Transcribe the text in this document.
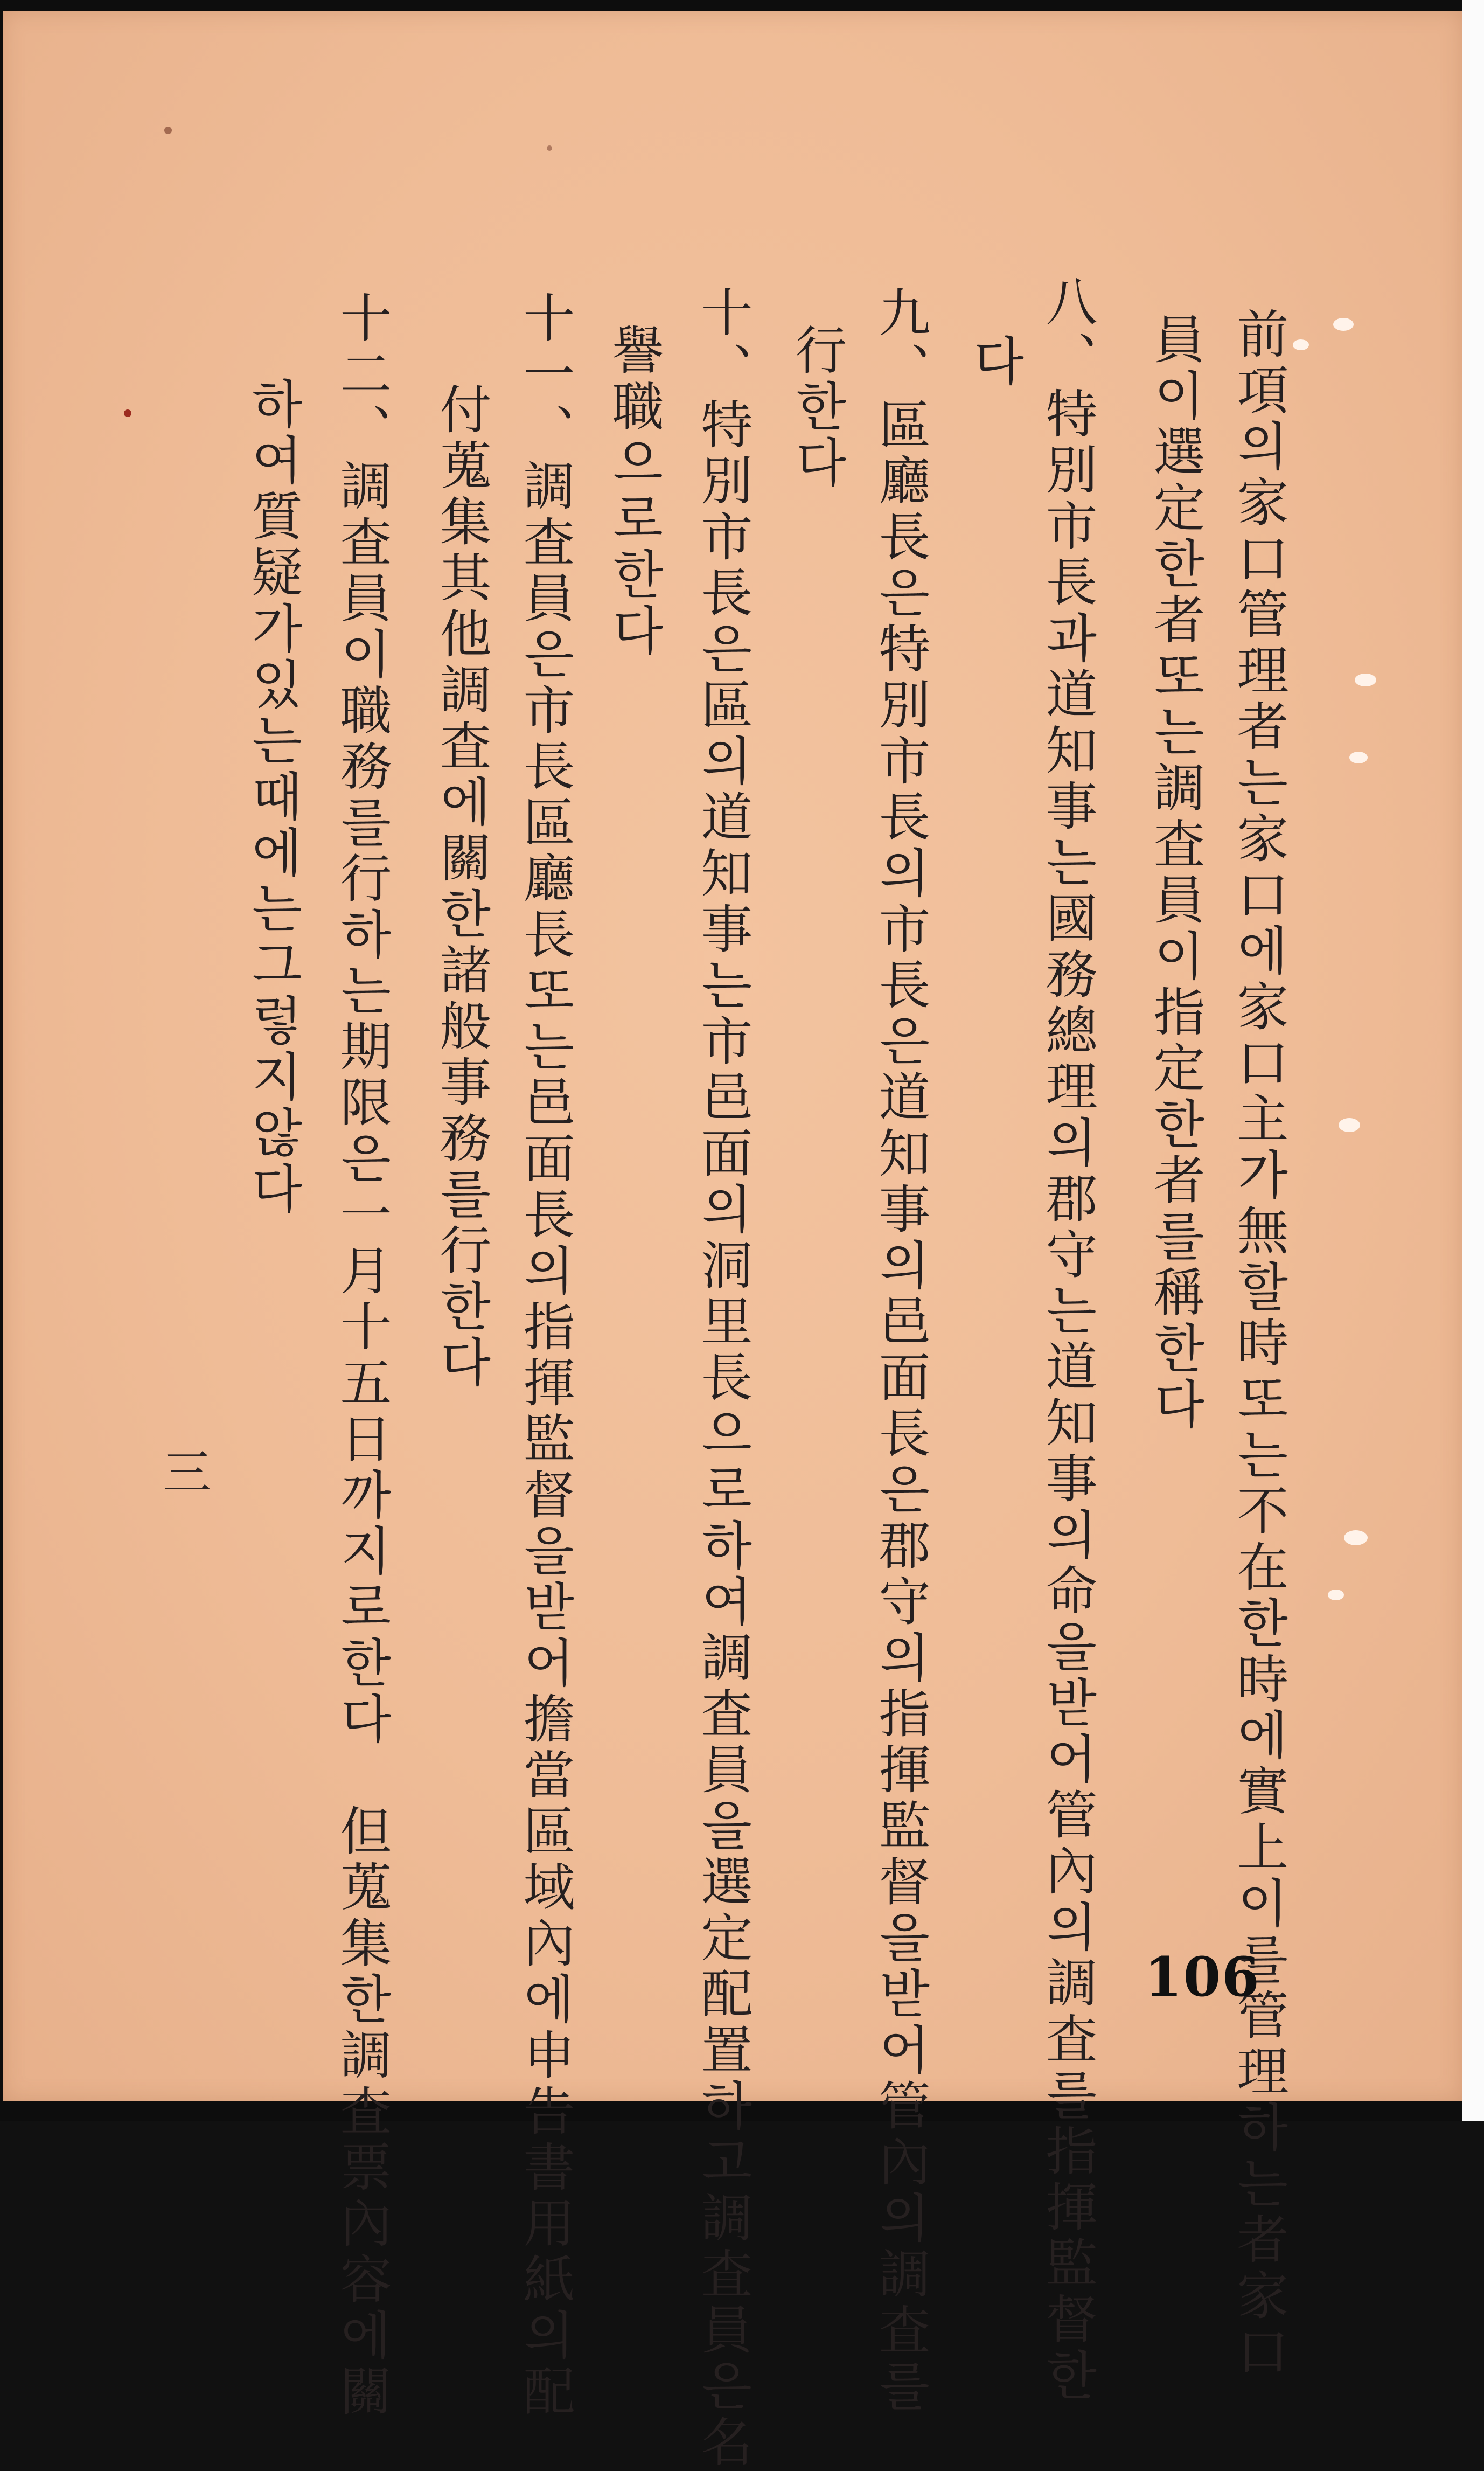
前項의家口管理者는家口에家口主가無할時또는不在한時에實上이를管理하는者家口
員이選定한者또는調査員이指定한者를稱한다
八、特別市長과道知事는國務總理의郡守는道知事의命을받어管內의調査를指揮監督한
다
九、區廳長은特別市長의市長은道知事의邑面長은郡守의指揮監督을받어管內의調査를
行한다
十、特別市長은區의道知事는市邑面의洞里長으로하여調査員을選定配置하고調査員은名
譽職으로한다
十一、調査員은市長區廳長또는邑面長의指揮監督을받어擔當區域內에申告書用紙의配
付蒐集其他調査에關한諸般事務를行한다
十二、調査員이職務를行하는期限은一月十五日까지로한다　但蒐集한調査票內容에關
하여質疑가있는때에는그렇지않다
三
106
